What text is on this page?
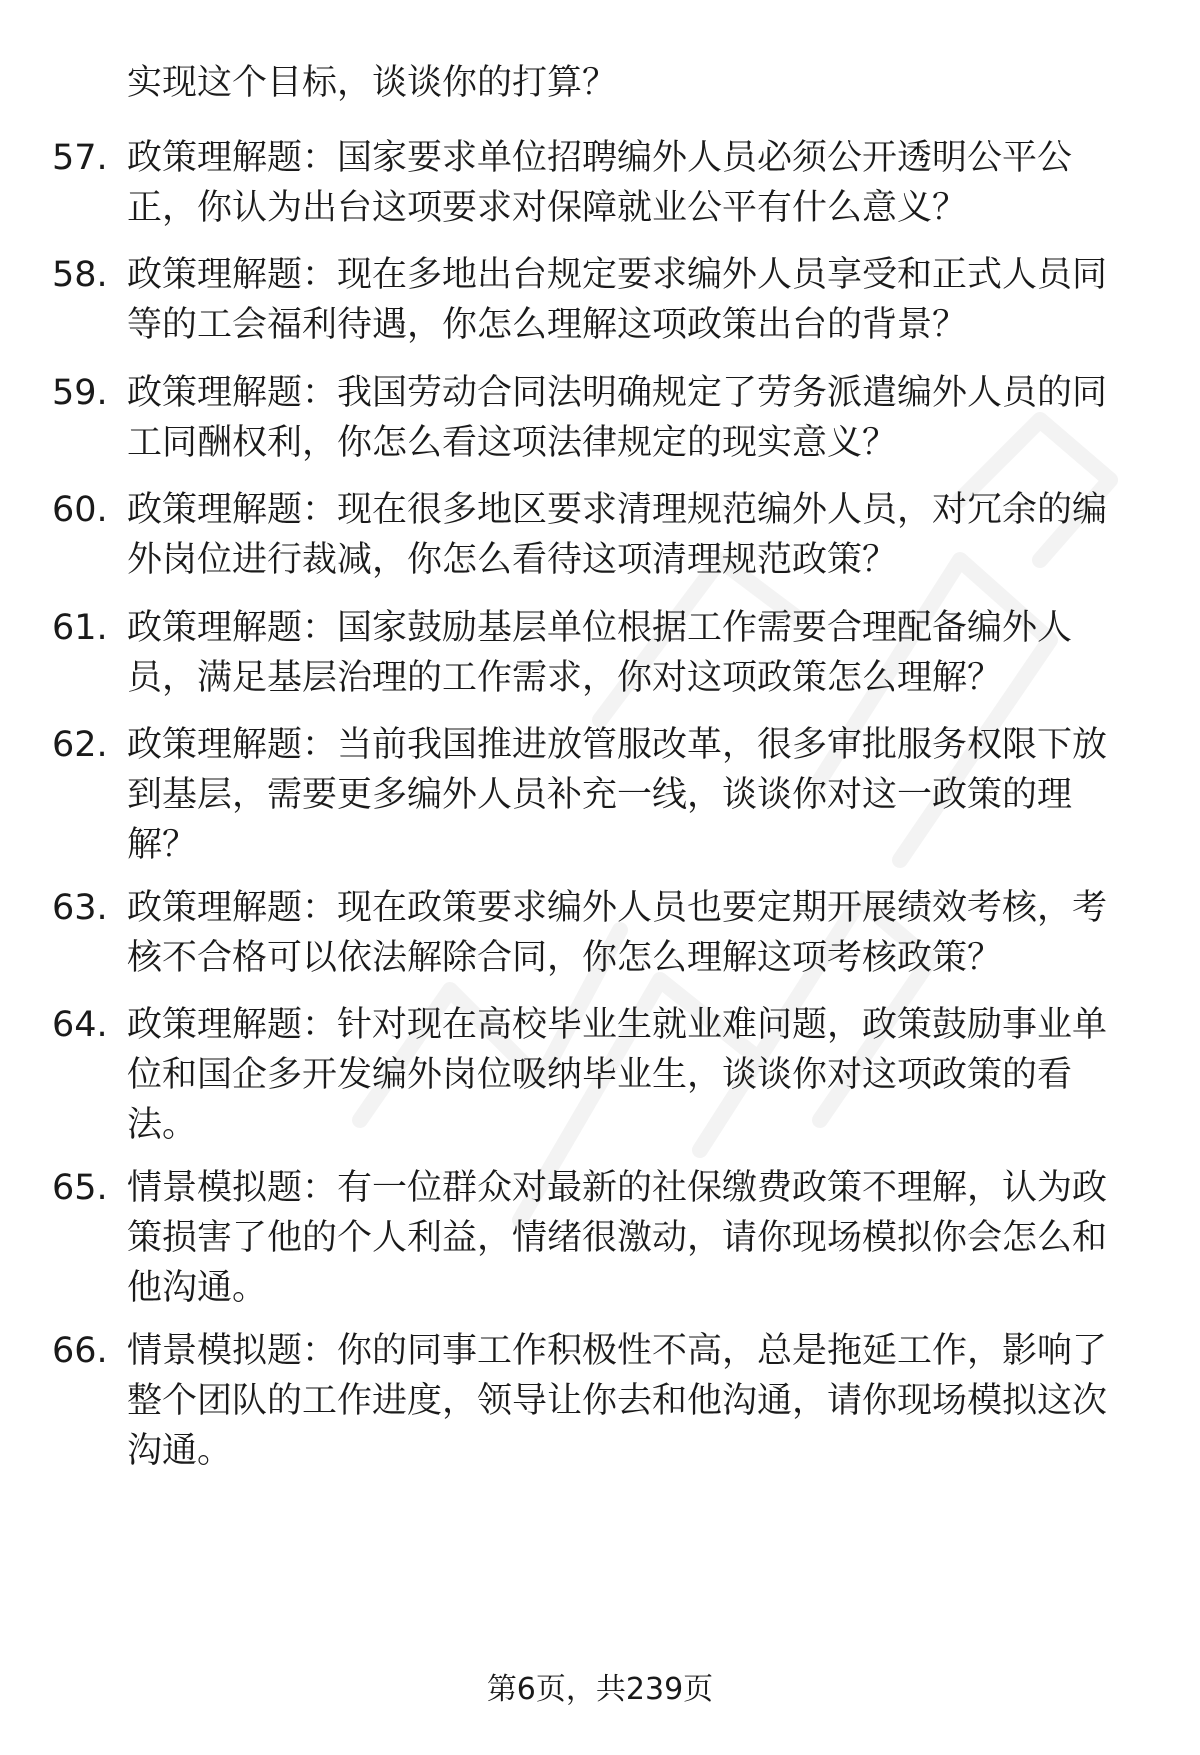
实现这个目标，谈谈你的打算？
57. 政策理解题：国家要求单位招聘编外人员必须公开透明公平公
正，你认为出台这项要求对保障就业公平有什么意义？
58. 政策理解题：现在多地出台规定要求编外人员享受和正式人员同
等的工会福利待遇，你怎么理解这项政策出台的背景？
59. 政策理解题：我国劳动合同法明确规定了劳务派遣编外人员的同
工同酬权利，你怎么看这项法律规定的现实意义？
60. 政策理解题：现在很多地区要求清理规范编外人员，对冗余的编
外岗位进行裁减，你怎么看待这项清理规范政策？
61. 政策理解题：国家鼓励基层单位根据工作需要合理配备编外人
员，满足基层治理的工作需求，你对这项政策怎么理解？
62. 政策理解题：当前我国推进放管服改革，很多审批服务权限下放
到基层，需要更多编外人员补充一线，谈谈你对这一政策的理
解？
63. 政策理解题：现在政策要求编外人员也要定期开展绩效考核，考
核不合格可以依法解除合同，你怎么理解这项考核政策？
64. 政策理解题：针对现在高校毕业生就业难问题，政策鼓励事业单
位和国企多开发编外岗位吸纳毕业生，谈谈你对这项政策的看
法。
65. 情景模拟题：有一位群众对最新的社保缴费政策不理解，认为政
策损害了他的个人利益，情绪很激动，请你现场模拟你会怎么和
他沟通。
66. 情景模拟题：你的同事工作积极性不高，总是拖延工作，影响了
整个团队的工作进度，领导让你去和他沟通，请你现场模拟这次
沟通。
第6页，共239页
